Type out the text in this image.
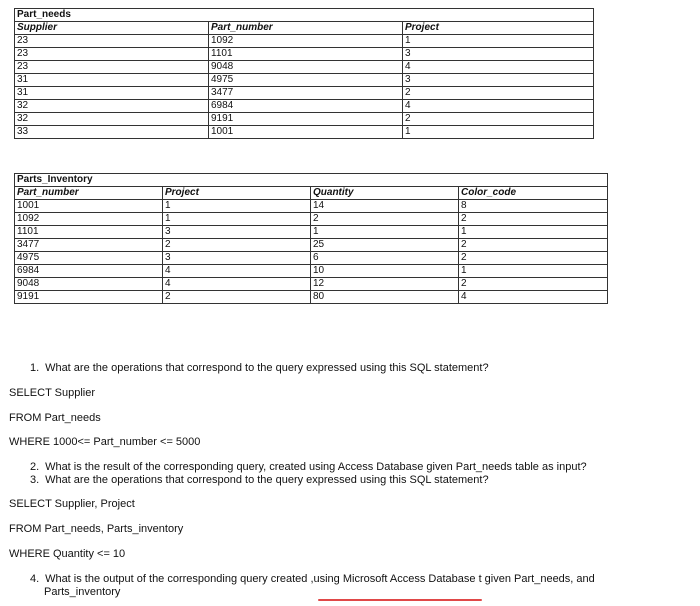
Part_needs		
Supplier	Part_number	Project
23	1092	1
23	1101	3
23	9048	4
31	4975	3
31	3477	2
32	6984	4
32	9191	2
33	1001	1
Parts_Inventory			
Part_number	Project	Quantity	Color_code
1001	1	14	8
1092	1	2	2
1101	3	1	1
3477	2	25	2
4975	3	6	2
6984	4	10	1
9048	4	12	2
9191	2	80	4

1. What are the operations that correspond to the query expressed using this SQL statement?

SELECT Supplier

FROM Part_needs

WHERE 1000<= Part_number <= 5000

2. What is the result of the corresponding query, created using Access Database given Part_needs table as input?

3. What are the operations that correspond to the query expressed using this SQL statement?

SELECT Supplier, Project

FROM Part_needs, Parts_inventory

WHERE Quantity <= 10

4. What is the output of the corresponding query created ,using Microsoft Access Database t given Part_needs, and

Parts_inventory
